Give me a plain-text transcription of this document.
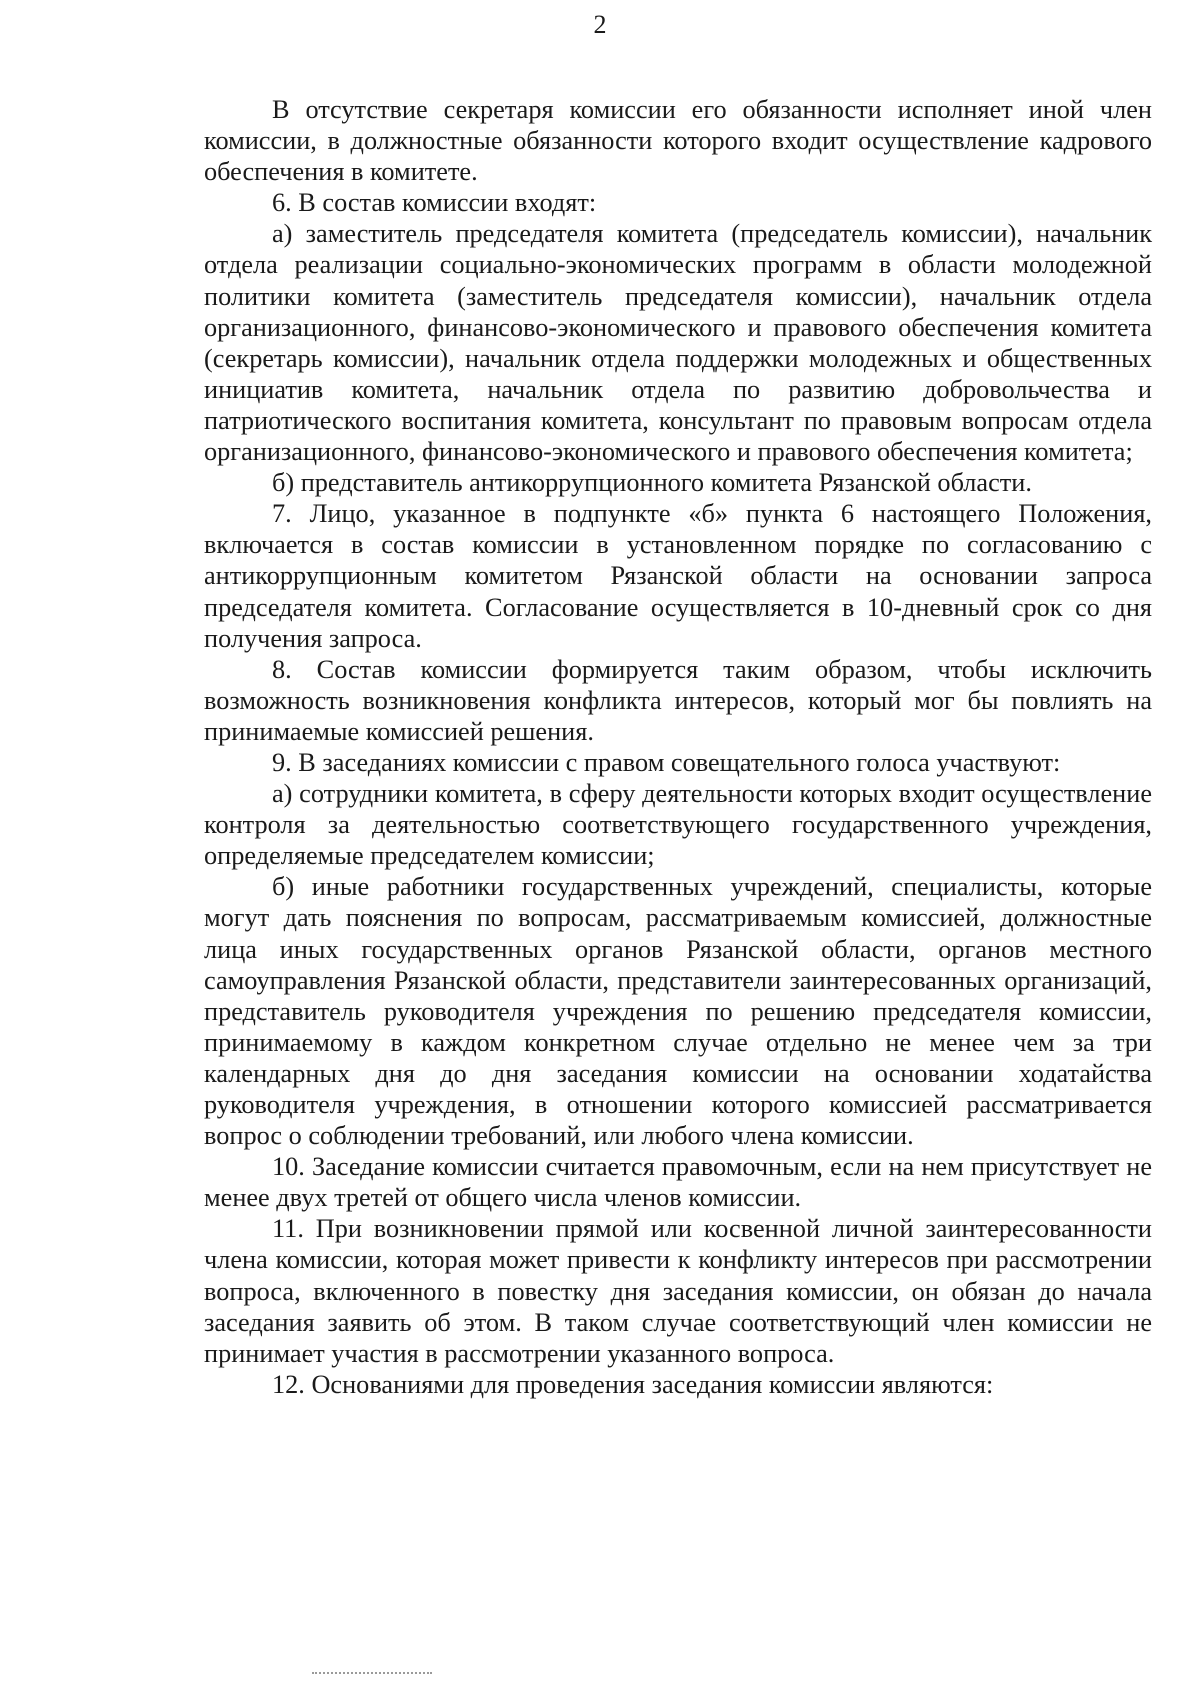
2

В отсутствие секретаря комиссии его обязанности исполняет иной член комиссии, в должностные обязанности которого входит осуществление кадрового обеспечения в комитете.

6. В состав комиссии входят:

а) заместитель председателя комитета (председатель комиссии), начальник отдела реализации социально-экономических программ в области молодежной политики комитета (заместитель председателя комиссии), начальник отдела организационного, финансово-экономического и правового обеспечения комитета (секретарь комиссии), начальник отдела поддержки молодежных и общественных инициатив комитета, начальник отдела по развитию добровольчества и патриотического воспитания комитета, консультант по правовым вопросам отдела организационного, финансово-экономического и правового обеспечения комитета;

б) представитель антикоррупционного комитета Рязанской области.

7. Лицо, указанное в подпункте «б» пункта 6 настоящего Положения, включается в состав комиссии в установленном порядке по согласованию с антикоррупционным комитетом Рязанской области на основании запроса председателя комитета. Согласование осуществляется в 10-дневный срок со дня получения запроса.

8. Состав комиссии формируется таким образом, чтобы исключить возможность возникновения конфликта интересов, который мог бы повлиять на принимаемые комиссией решения.

9. В заседаниях комиссии с правом совещательного голоса участвуют:

а) сотрудники комитета, в сферу деятельности которых входит осуществление контроля за деятельностью соответствующего государственного учреждения, определяемые председателем комиссии;

б) иные работники государственных учреждений, специалисты, которые могут дать пояснения по вопросам, рассматриваемым комиссией, должностные лица иных государственных органов Рязанской области, органов местного самоуправления Рязанской области, представители заинтересованных организаций, представитель руководителя учреждения по решению председателя комиссии, принимаемому в каждом конкретном случае отдельно не менее чем за три календарных дня до дня заседания комиссии на основании ходатайства руководителя учреждения, в отношении которого комиссией рассматривается вопрос о соблюдении требований, или любого члена комиссии.

10. Заседание комиссии считается правомочным, если на нем присутствует не менее двух третей от общего числа членов комиссии.

11. При возникновении прямой или косвенной личной заинтересованности члена комиссии, которая может привести к конфликту интересов при рассмотрении вопроса, включенного в повестку дня заседания комиссии, он обязан до начала заседания заявить об этом. В таком случае соответствующий член комиссии не принимает участия в рассмотрении указанного вопроса.

12. Основаниями для проведения заседания комиссии являются:
